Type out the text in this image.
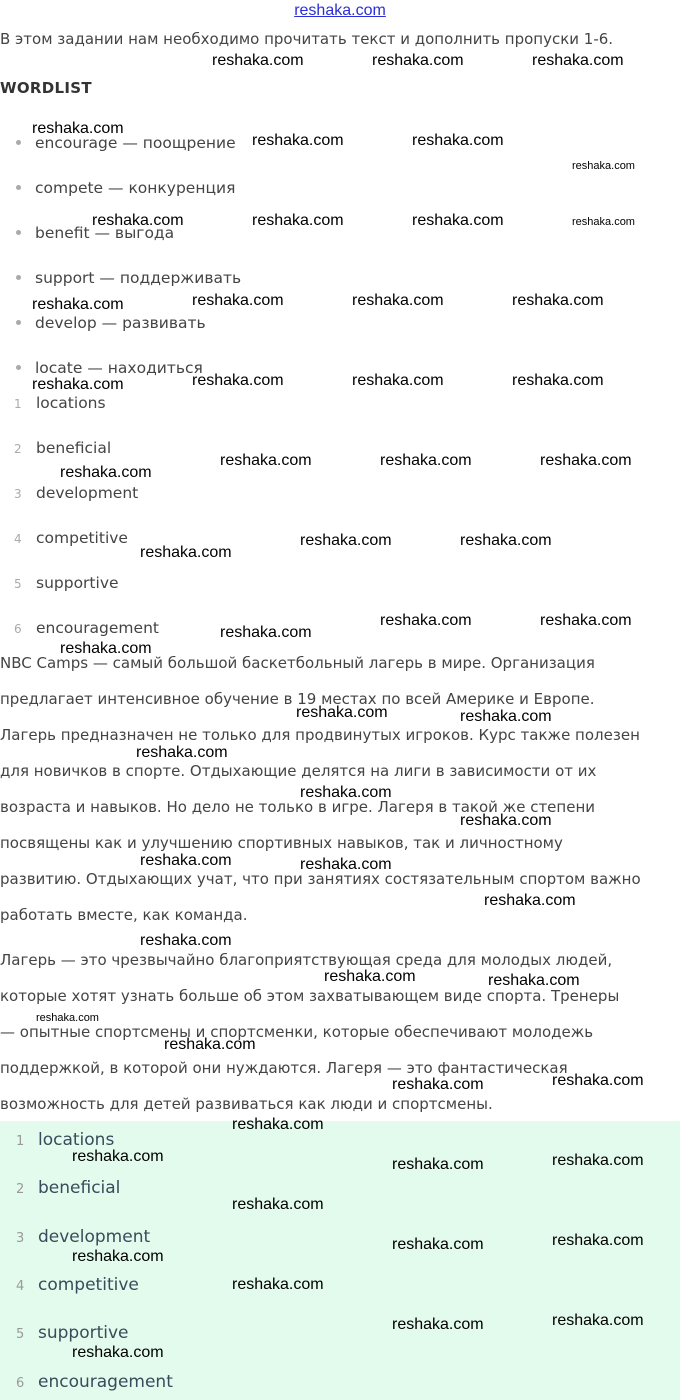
reshaka.com
В этом задании нам необходимо прочитать текст и дополнить пропуски 1-6.
WORDLIST
encourage — поощрение
compete — конкуренция
benefit — выгода
support — поддерживать
develop — развивать
locate — находиться
1 locations
2 beneficial
3 development
4 competitive
5 supportive
6 encouragement
NBC Camps — самый большой баскетбольный лагерь в мире. Организация
предлагает интенсивное обучение в 19 местах по всей Америке и Европе.
Лагерь предназначен не только для продвинутых игроков. Курс также полезен
для новичков в спорте. Отдыхающие делятся на лиги в зависимости от их
возраста и навыков. Но дело не только в игре. Лагеря в такой же степени
посвящены как и улучшению спортивных навыков, так и личностному
развитию. Отдыхающих учат, что при занятиях состязательным спортом важно
работать вместе, как команда.
Лагерь — это чрезвычайно благоприятствующая среда для молодых людей,
которые хотят узнать больше об этом захватывающем виде спорта. Тренеры
— опытные спортсмены и спортсменки, которые обеспечивают молодежь
поддержкой, в которой они нуждаются. Лагеря — это фантастическая
возможность для детей развиваться как люди и спортсмены.
1 locations
2 beneficial
3 development
4 competitive
5 supportive
6 encouragement
reshaka.com	reshaka.com	reshaka.com
reshaka.com
reshaka.com	reshaka.com
reshaka.com
reshaka.com	reshaka.com	reshaka.com	reshaka.com
reshaka.com	reshaka.com	reshaka.com	reshaka.com
reshaka.com	reshaka.com	reshaka.com	reshaka.com
reshaka.com
reshaka.com	reshaka.com	reshaka.com
reshaka.com
reshaka.com	reshaka.com
reshaka.com
reshaka.com	reshaka.com
reshaka.com
reshaka.com	reshaka.com
reshaka.com
reshaka.com
reshaka.com
reshaka.com	reshaka.com
reshaka.com
reshaka.com
reshaka.com	reshaka.com
reshaka.com
reshaka.com
reshaka.com	reshaka.com
reshaka.com
reshaka.com	reshaka.com	reshaka.com
reshaka.com
reshaka.com
reshaka.com	reshaka.com
reshaka.com
reshaka.com	reshaka.com
reshaka.com
